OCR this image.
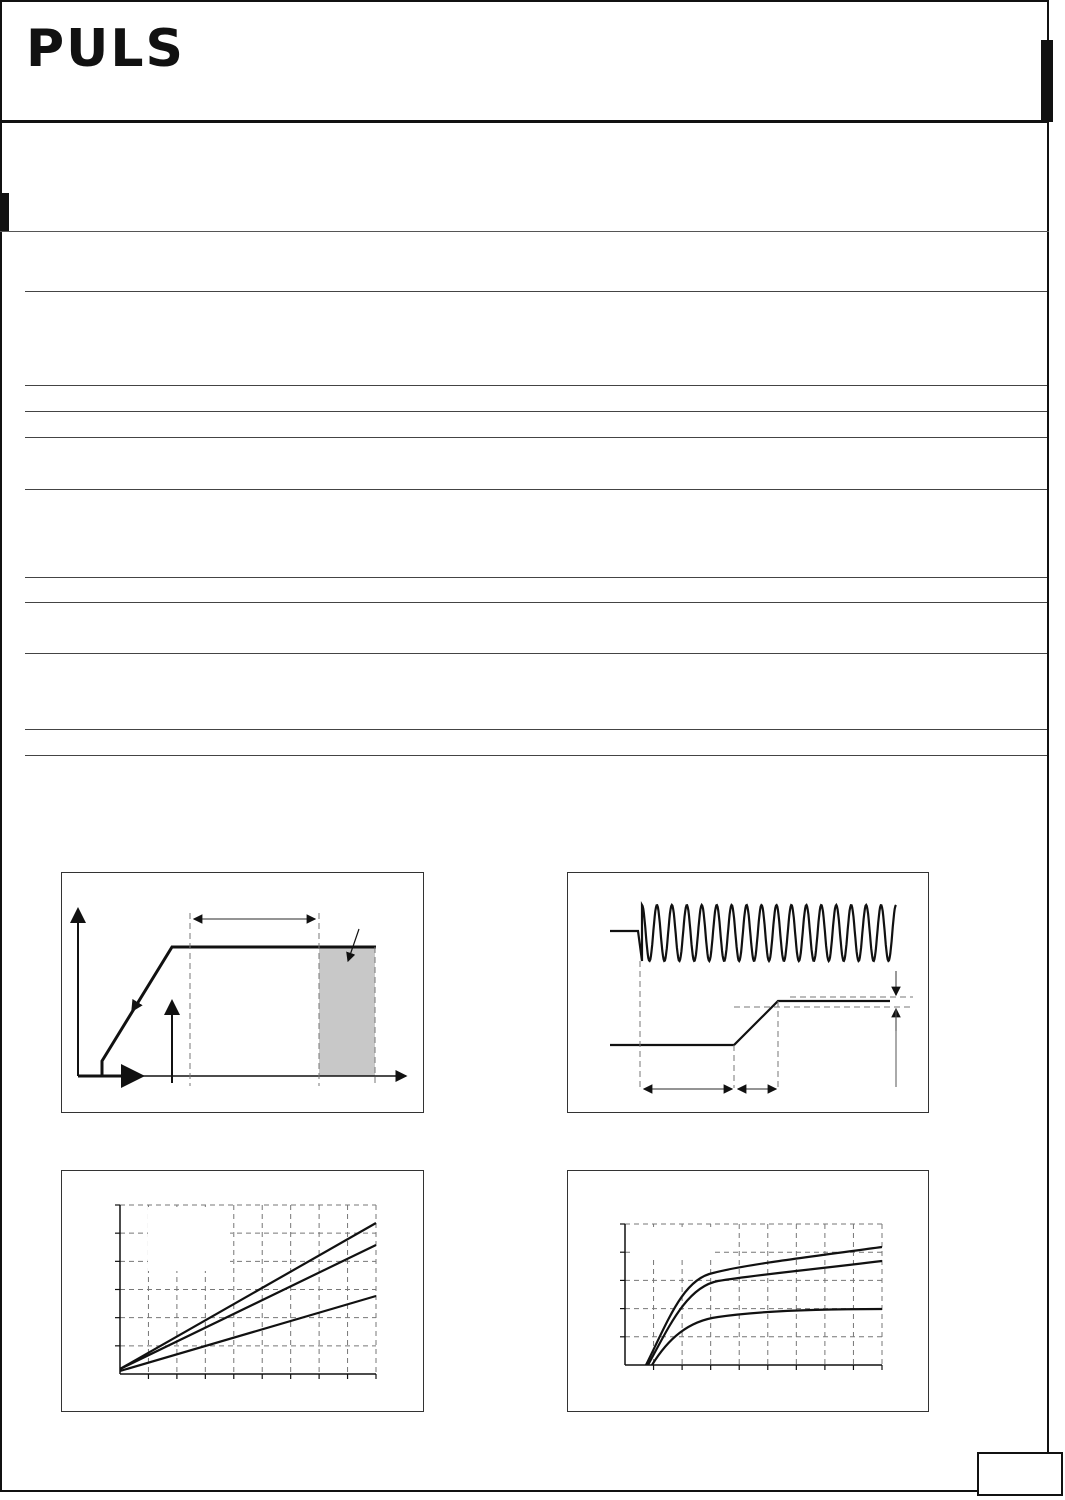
PULS
